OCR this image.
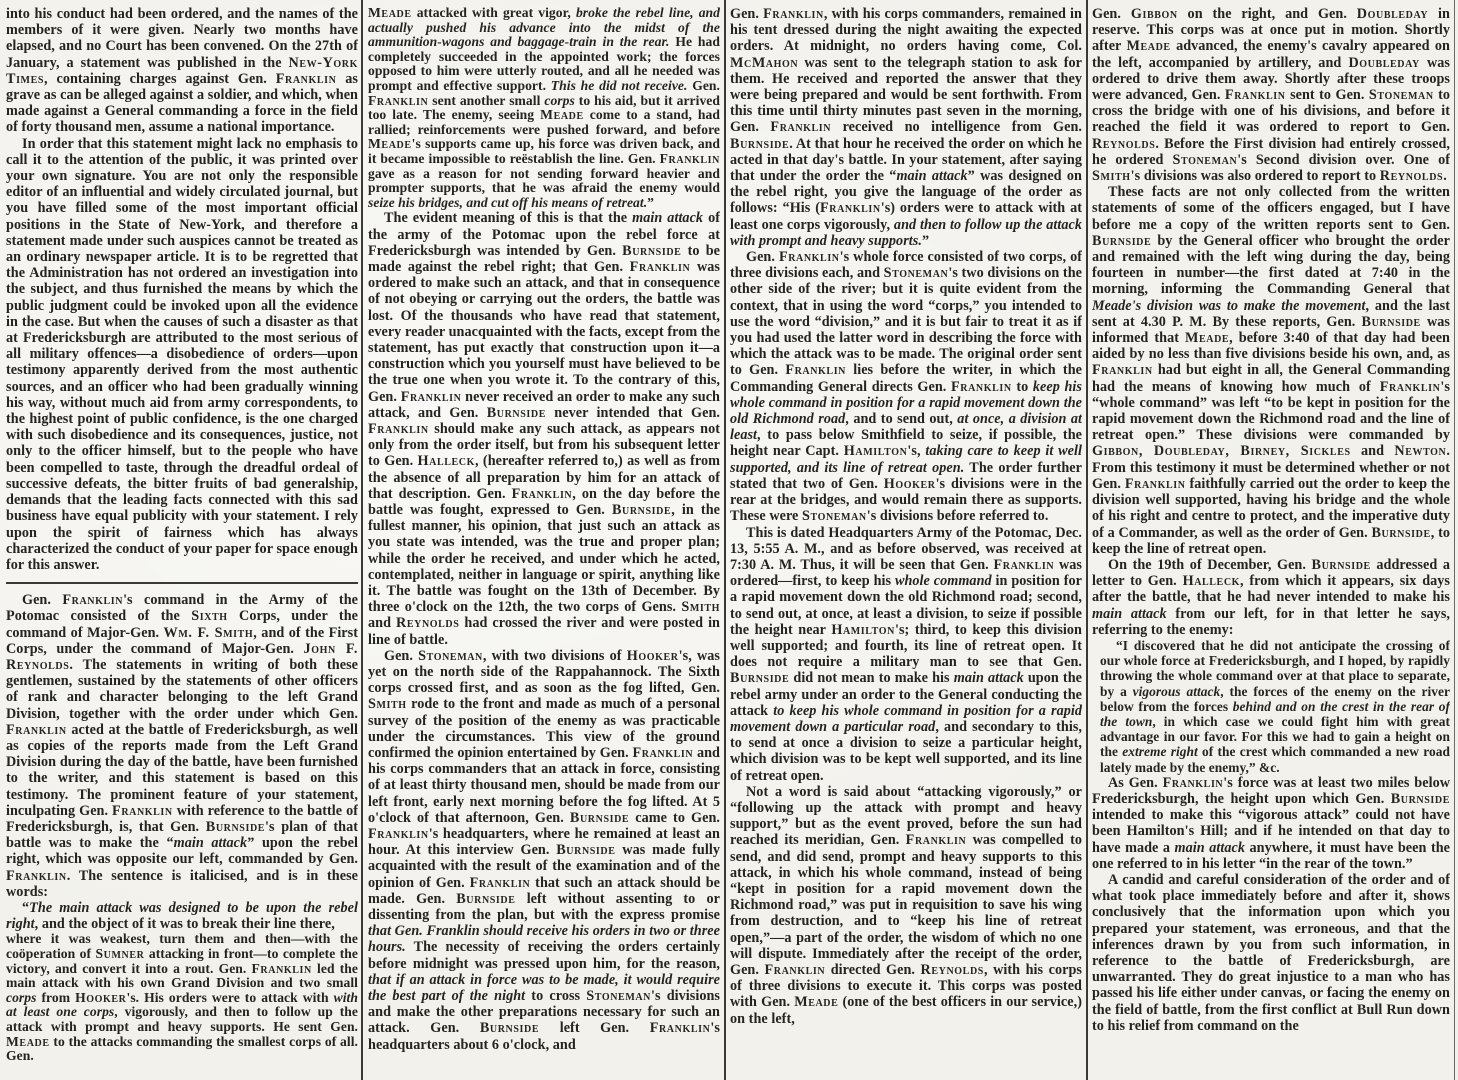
into his conduct had been ordered, and the names of the members of it were given. Nearly two months have elapsed, and no Court has been convened. On the 27th of January, a statement was published in the New-York Times, containing charges against Gen. Franklin as grave as can be alleged against a soldier, and which, when made against a General commanding a force in the field of forty thousand men, assume a national importance.

In order that this statement might lack no emphasis to call it to the attention of the public, it was printed over your own signature. You are not only the responsible editor of an influential and widely circulated journal, but you have filled some of the most important official positions in the State of New-York, and therefore a statement made under such auspices cannot be treated as an ordinary newspaper article. It is to be regretted that the Administration has not ordered an investigation into the subject, and thus furnished the means by which the public judgment could be invoked upon all the evidence in the case. But when the causes of such a disaster as that at Fredericksburgh are attributed to the most serious of all military offences—a disobedience of orders—upon testimony apparently derived from the most authentic sources, and an officer who had been gradually winning his way, without much aid from army correspondents, to the highest point of public confidence, is the one charged with such disobedience and its consequences, justice, not only to the officer himself, but to the people who have been compelled to taste, through the dreadful ordeal of successive defeats, the bitter fruits of bad generalship, demands that the leading facts connected with this sad business have equal publicity with your statement. I rely upon the spirit of fairness which has always characterized the conduct of your paper for space enough for this answer.

Gen. Franklin's command in the Army of the Potomac consisted of the Sixth Corps, under the command of Major-Gen. Wm. F. Smith, and of the First Corps, under the command of Major-Gen. John F. Reynolds. The statements in writing of both these gentlemen, sustained by the statements of other officers of rank and character belonging to the left Grand Division, together with the order under which Gen. Franklin acted at the battle of Fredericksburgh, as well as copies of the reports made from the Left Grand Division during the day of the battle, have been furnished to the writer, and this statement is based on this testimony. The prominent feature of your statement, inculpating Gen. Franklin with reference to the battle of Fredericksburgh, is, that Gen. Burnside's plan of that battle was to make the “main attack” upon the rebel right, which was opposite our left, commanded by Gen. Franklin. The sentence is italicised, and is in these words:

“The main attack was designed to be upon the rebel right, and the object of it was to break their line there,

where it was weakest, turn them and then—with the coöperation of Sumner attacking in front—to complete the victory, and convert it into a rout. Gen. Franklin led the main attack with his own Grand Division and two small corps from Hooker's. His orders were to attack with with at least one corps, vigorously, and then to follow up the attack with prompt and heavy supports. He sent Gen. Meade to the attacks commanding the smallest corps of all. Gen.

Meade attacked with great vigor, broke the rebel line, and actually pushed his advance into the midst of the ammunition-wagons and baggage-train in the rear. He had completely succeeded in the appointed work; the forces opposed to him were utterly routed, and all he needed was prompt and effective support. This he did not receive. Gen. Franklin sent another small corps to his aid, but it arrived too late. The enemy, seeing Meade come to a stand, had rallied; reinforcements were pushed forward, and before Meade's supports came up, his force was driven back, and it became impossible to reëstablish the line. Gen. Franklin gave as a reason for not sending forward heavier and prompter supports, that he was afraid the enemy would seize his bridges, and cut off his means of retreat.”

The evident meaning of this is that the main attack of the army of the Potomac upon the rebel force at Fredericksburgh was intended by Gen. Burnside to be made against the rebel right; that Gen. Franklin was ordered to make such an attack, and that in consequence of not obeying or carrying out the orders, the battle was lost. Of the thousands who have read that statement, every reader unacquainted with the facts, except from the statement, has put exactly that construction upon it—a construction which you yourself must have believed to be the true one when you wrote it. To the contrary of this, Gen. Franklin never received an order to make any such attack, and Gen. Burnside never intended that Gen. Franklin should make any such attack, as appears not only from the order itself, but from his subsequent letter to Gen. Halleck, (hereafter referred to,) as well as from the absence of all preparation by him for an attack of that description. Gen. Franklin, on the day before the battle was fought, expressed to Gen. Burnside, in the fullest manner, his opinion, that just such an attack as you state was intended, was the true and proper plan; while the order he received, and under which he acted, contemplated, neither in language or spirit, anything like it. The battle was fought on the 13th of December. By three o'clock on the 12th, the two corps of Gens. Smith and Reynolds had crossed the river and were posted in line of battle.

Gen. Stoneman, with two divisions of Hooker's, was yet on the north side of the Rappahannock. The Sixth corps crossed first, and as soon as the fog lifted, Gen. Smith rode to the front and made as much of a personal survey of the position of the enemy as was practicable under the circumstances. This view of the ground confirmed the opinion entertained by Gen. Franklin and his corps commanders that an attack in force, consisting of at least thirty thousand men, should be made from our left front, early next morning before the fog lifted. At 5 o'clock of that afternoon, Gen. Burnside came to Gen. Franklin's headquarters, where he remained at least an hour. At this interview Gen. Burnside was made fully acquainted with the result of the examination and of the opinion of Gen. Franklin that such an attack should be made. Gen. Burnside left without assenting to or dissenting from the plan, but with the express promise that Gen. Franklin should receive his orders in two or three hours. The necessity of receiving the orders certainly before midnight was pressed upon him, for the reason, that if an attack in force was to be made, it would require the best part of the night to cross Stoneman's divisions and make the other preparations necessary for such an attack. Gen. Burnside left Gen. Franklin's headquarters about 6 o'clock, and

Gen. Franklin, with his corps commanders, remained in his tent dressed during the night awaiting the expected orders. At midnight, no orders having come, Col. McMahon was sent to the telegraph station to ask for them. He received and reported the answer that they were being prepared and would be sent forthwith. From this time until thirty minutes past seven in the morning, Gen. Franklin received no intelligence from Gen. Burnside. At that hour he received the order on which he acted in that day's battle. In your statement, after saying that under the order the “main attack” was designed on the rebel right, you give the language of the order as follows: “His (Franklin's) orders were to attack with at least one corps vigorously, and then to follow up the attack with prompt and heavy supports.”

Gen. Franklin's whole force consisted of two corps, of three divisions each, and Stoneman's two divisions on the other side of the river; but it is quite evident from the context, that in using the word “corps,” you intended to use the word “division,” and it is but fair to treat it as if you had used the latter word in describing the force with which the attack was to be made. The original order sent to Gen. Franklin lies before the writer, in which the Commanding General directs Gen. Franklin to keep his whole command in position for a rapid movement down the old Richmond road, and to send out, at once, a division at least, to pass below Smithfield to seize, if possible, the height near Capt. Hamilton's, taking care to keep it well supported, and its line of retreat open. The order further stated that two of Gen. Hooker's divisions were in the rear at the bridges, and would remain there as supports. These were Stoneman's divisions before referred to.

This is dated Headquarters Army of the Potomac, Dec. 13, 5:55 A. M., and as before observed, was received at 7:30 A. M. Thus, it will be seen that Gen. Franklin was ordered—first, to keep his whole command in position for a rapid movement down the old Richmond road; second, to send out, at once, at least a division, to seize if possible the height near Hamilton's; third, to keep this division well supported; and fourth, its line of retreat open. It does not require a military man to see that Gen. Burnside did not mean to make his main attack upon the rebel army under an order to the General conducting the attack to keep his whole command in position for a rapid movement down a particular road, and secondary to this, to send at once a division to seize a particular height, which division was to be kept well supported, and its line of retreat open.

Not a word is said about “attacking vigorously,” or “following up the attack with prompt and heavy support,” but as the event proved, before the sun had reached its meridian, Gen. Franklin was compelled to send, and did send, prompt and heavy supports to this attack, in which his whole command, instead of being “kept in position for a rapid movement down the Richmond road,” was put in requisition to save his wing from destruction, and to “keep his line of retreat open,”—a part of the order, the wisdom of which no one will dispute. Immediately after the receipt of the order, Gen. Franklin directed Gen. Reynolds, with his corps of three divisions to execute it. This corps was posted with Gen. Meade (one of the best officers in our service,) on the left,

Gen. Gibbon on the right, and Gen. Doubleday in reserve. This corps was at once put in motion. Shortly after Meade advanced, the enemy's cavalry appeared on the left, accompanied by artillery, and Doubleday was ordered to drive them away. Shortly after these troops were advanced, Gen. Franklin sent to Gen. Stoneman to cross the bridge with one of his divisions, and before it reached the field it was ordered to report to Gen. Reynolds. Before the First division had entirely crossed, he ordered Stoneman's Second division over. One of Smith's divisions was also ordered to report to Reynolds.

These facts are not only collected from the written statements of some of the officers engaged, but I have before me a copy of the written reports sent to Gen. Burnside by the General officer who brought the order and remained with the left wing during the day, being fourteen in number—the first dated at 7:40 in the morning, informing the Commanding General that Meade's division was to make the movement, and the last sent at 4.30 P. M. By these reports, Gen. Burnside was informed that Meade, before 3:40 of that day had been aided by no less than five divisions beside his own, and, as Franklin had but eight in all, the General Commanding had the means of knowing how much of Franklin's “whole command” was left “to be kept in position for the rapid movement down the Richmond road and the line of retreat open.” These divisions were commanded by Gibbon, Doubleday, Birney, Sickles and Newton. From this testimony it must be determined whether or not Gen. Franklin faithfully carried out the order to keep the division well supported, having his bridge and the whole of his right and centre to protect, and the imperative duty of a Commander, as well as the order of Gen. Burnside, to keep the line of retreat open.

On the 19th of December, Gen. Burnside addressed a letter to Gen. Halleck, from which it appears, six days after the battle, that he had never intended to make his main attack from our left, for in that letter he says, referring to the enemy:

“I discovered that he did not anticipate the crossing of our whole force at Fredericksburgh, and I hoped, by rapidly throwing the whole command over at that place to separate, by a vigorous attack, the forces of the enemy on the river below from the forces behind and on the crest in the rear of the town, in which case we could fight him with great advantage in our favor. For this we had to gain a height on the extreme right of the crest which commanded a new road lately made by the enemy,” &c.

As Gen. Franklin's force was at least two miles below Fredericksburgh, the height upon which Gen. Burnside intended to make this “vigorous attack” could not have been Hamilton's Hill; and if he intended on that day to have made a main attack anywhere, it must have been the one referred to in his letter “in the rear of the town.”

A candid and careful consideration of the order and of what took place immediately before and after it, shows conclusively that the information upon which you prepared your statement, was erroneous, and that the inferences drawn by you from such information, in reference to the battle of Fredericksburgh, are unwarranted. They do great injustice to a man who has passed his life either under canvas, or facing the enemy on the field of battle, from the first conflict at Bull Run down to his relief from command on the
